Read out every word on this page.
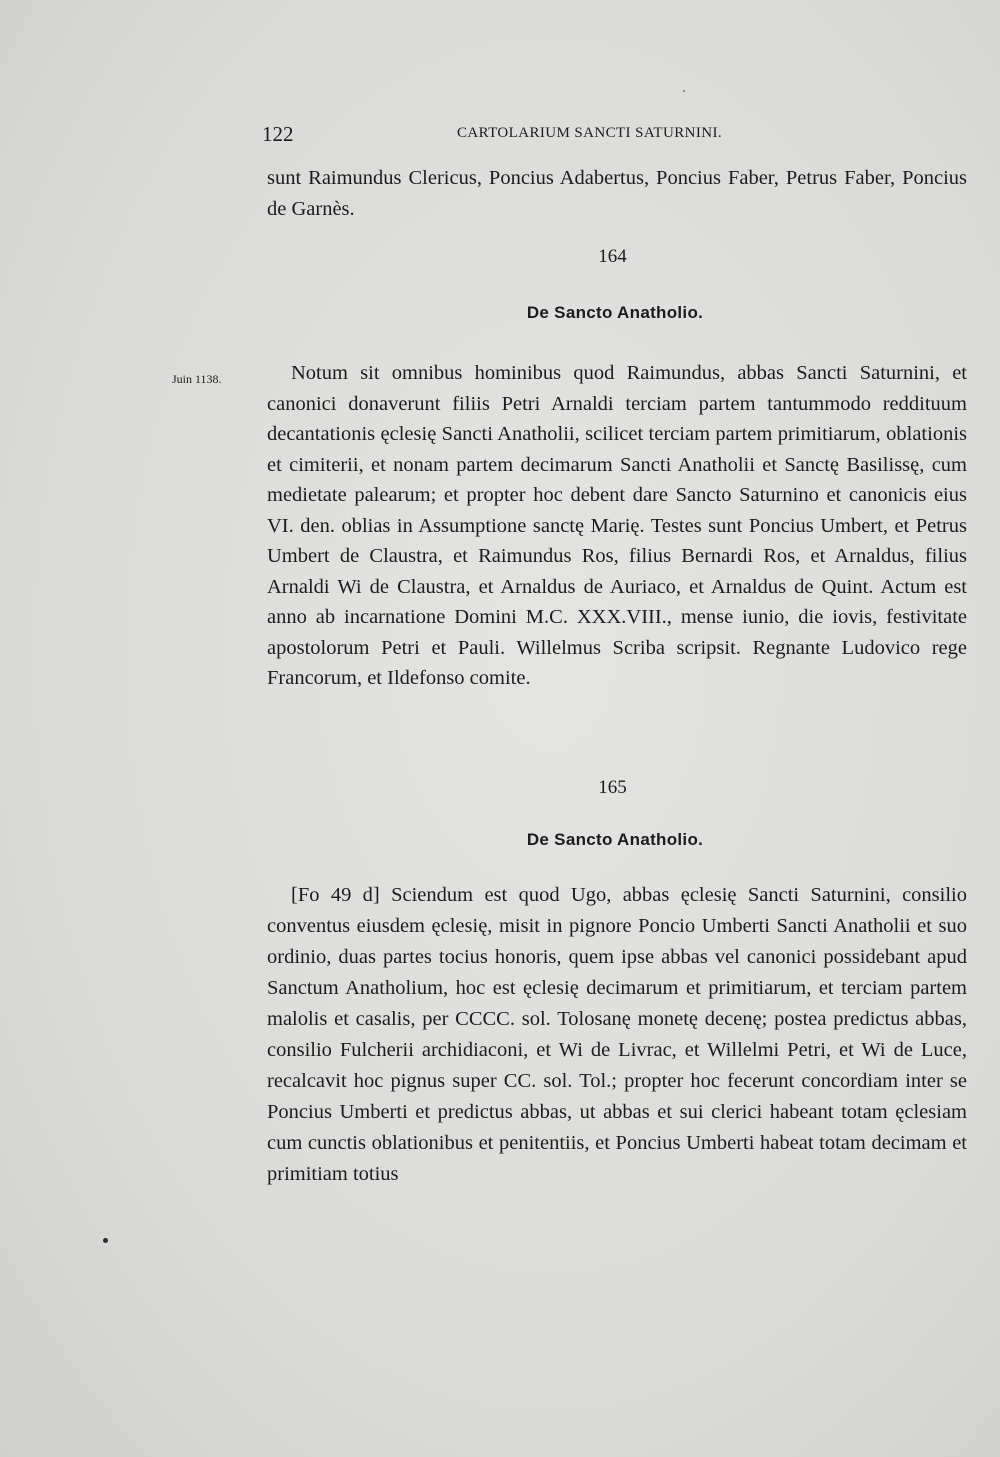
122	CARTOLARIUM SANCTI SATURNINI.

sunt Raimundus Clericus, Poncius Adabertus, Poncius Faber, Petrus Faber, Poncius de Garnès.

164
De Sancto Anatholio.
Juin 1138.	Notum sit omnibus hominibus quod Raimundus, abbas Sancti Saturnini, et canonici donaverunt filiis Petri Arnaldi terciam partem tantummodo reddituum decantationis ęclesię Sancti Anatholii, scilicet terciam partem primitiarum, oblationis et cimiterii, et nonam partem decimarum Sancti Anatholii et Sanctę Basilissę, cum medietate palearum; et propter hoc debent dare Sancto Saturnino et canonicis eius VI. den. oblias in Assumptione sanctę Marię. Testes sunt Poncius Umbert, et Petrus Umbert de Claustra, et Raimundus Ros, filius Bernardi Ros, et Arnaldus, filius Arnaldi Wi de Claustra, et Arnaldus de Auriaco, et Arnaldus de Quint. Actum est anno ab incarnatione Domini M.C. XXX.VIII., mense iunio, die iovis, festivitate apostolorum Petri et Pauli. Willelmus Scriba scripsit. Regnante Ludovico rege Francorum, et Ildefonso comite.

165
De Sancto Anatholio.

[Fo 49 d] Sciendum est quod Ugo, abbas ęclesię Sancti Saturnini, consilio conventus eiusdem ęclesię, misit in pignore Poncio Umberti Sancti Anatholii et suo ordinio, duas partes tocius honoris, quem ipse abbas vel canonici possidebant apud Sanctum Anatholium, hoc est ęclesię decimarum et primitiarum, et terciam partem malolis et casalis, per CCCC. sol. Tolosanę monetę decenę; postea predictus abbas, consilio Fulcherii archidiaconi, et Wi de Livrac, et Willelmi Petri, et Wi de Luce, recalcavit hoc pignus super CC. sol. Tol.; propter hoc fecerunt concordiam inter se Poncius Umberti et predictus abbas, ut abbas et sui clerici habeant totam ęclesiam cum cunctis oblationibus et penitentiis, et Poncius Umberti habeat totam decimam et primitiam totius
